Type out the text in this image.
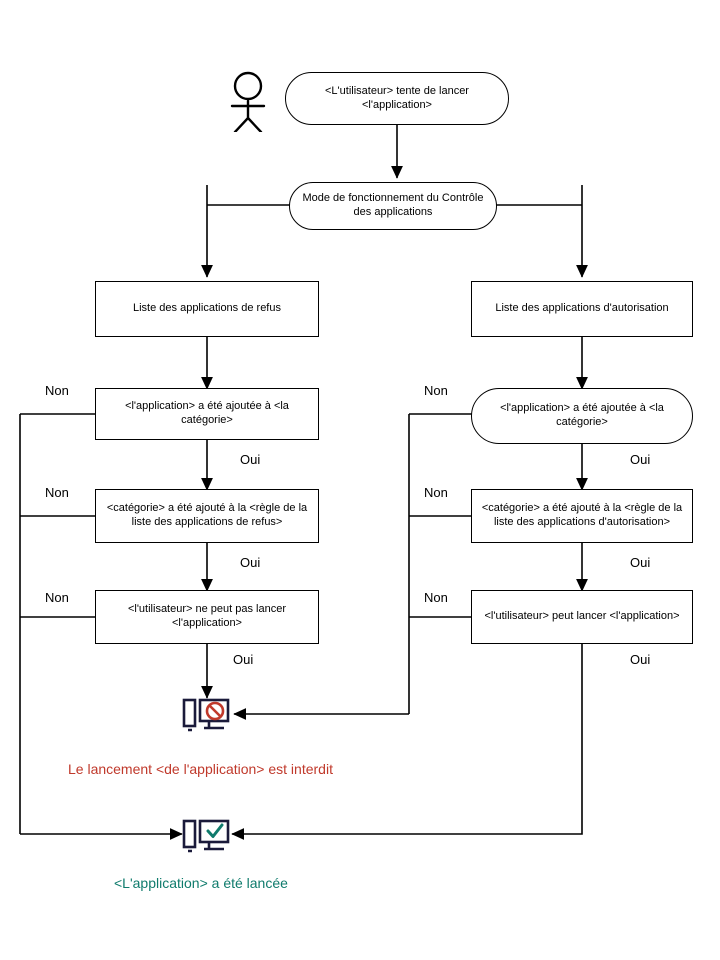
<L'utilisateur> tente de lancer <l'application>
Mode de fonctionnement du Contrôle des applications
Liste des applications de refus	Liste des applications d'autorisation
<l'application> a été ajoutée à <la catégorie>
<l'application> a été ajoutée à <la catégorie>
<catégorie> a été ajouté à la <règle de la liste des applications de refus>
<catégorie> a été ajouté à la <règle de la liste des applications d'autorisation>
<l'utilisateur> ne peut pas lancer <l'application>
<l'utilisateur> peut lancer <l'application>
Non
Non
Non
Oui
Oui
Oui
Non
Non
Non
Oui
Oui
Oui
Le lancement <de l'application> est interdit
<L'application> a été lancée
